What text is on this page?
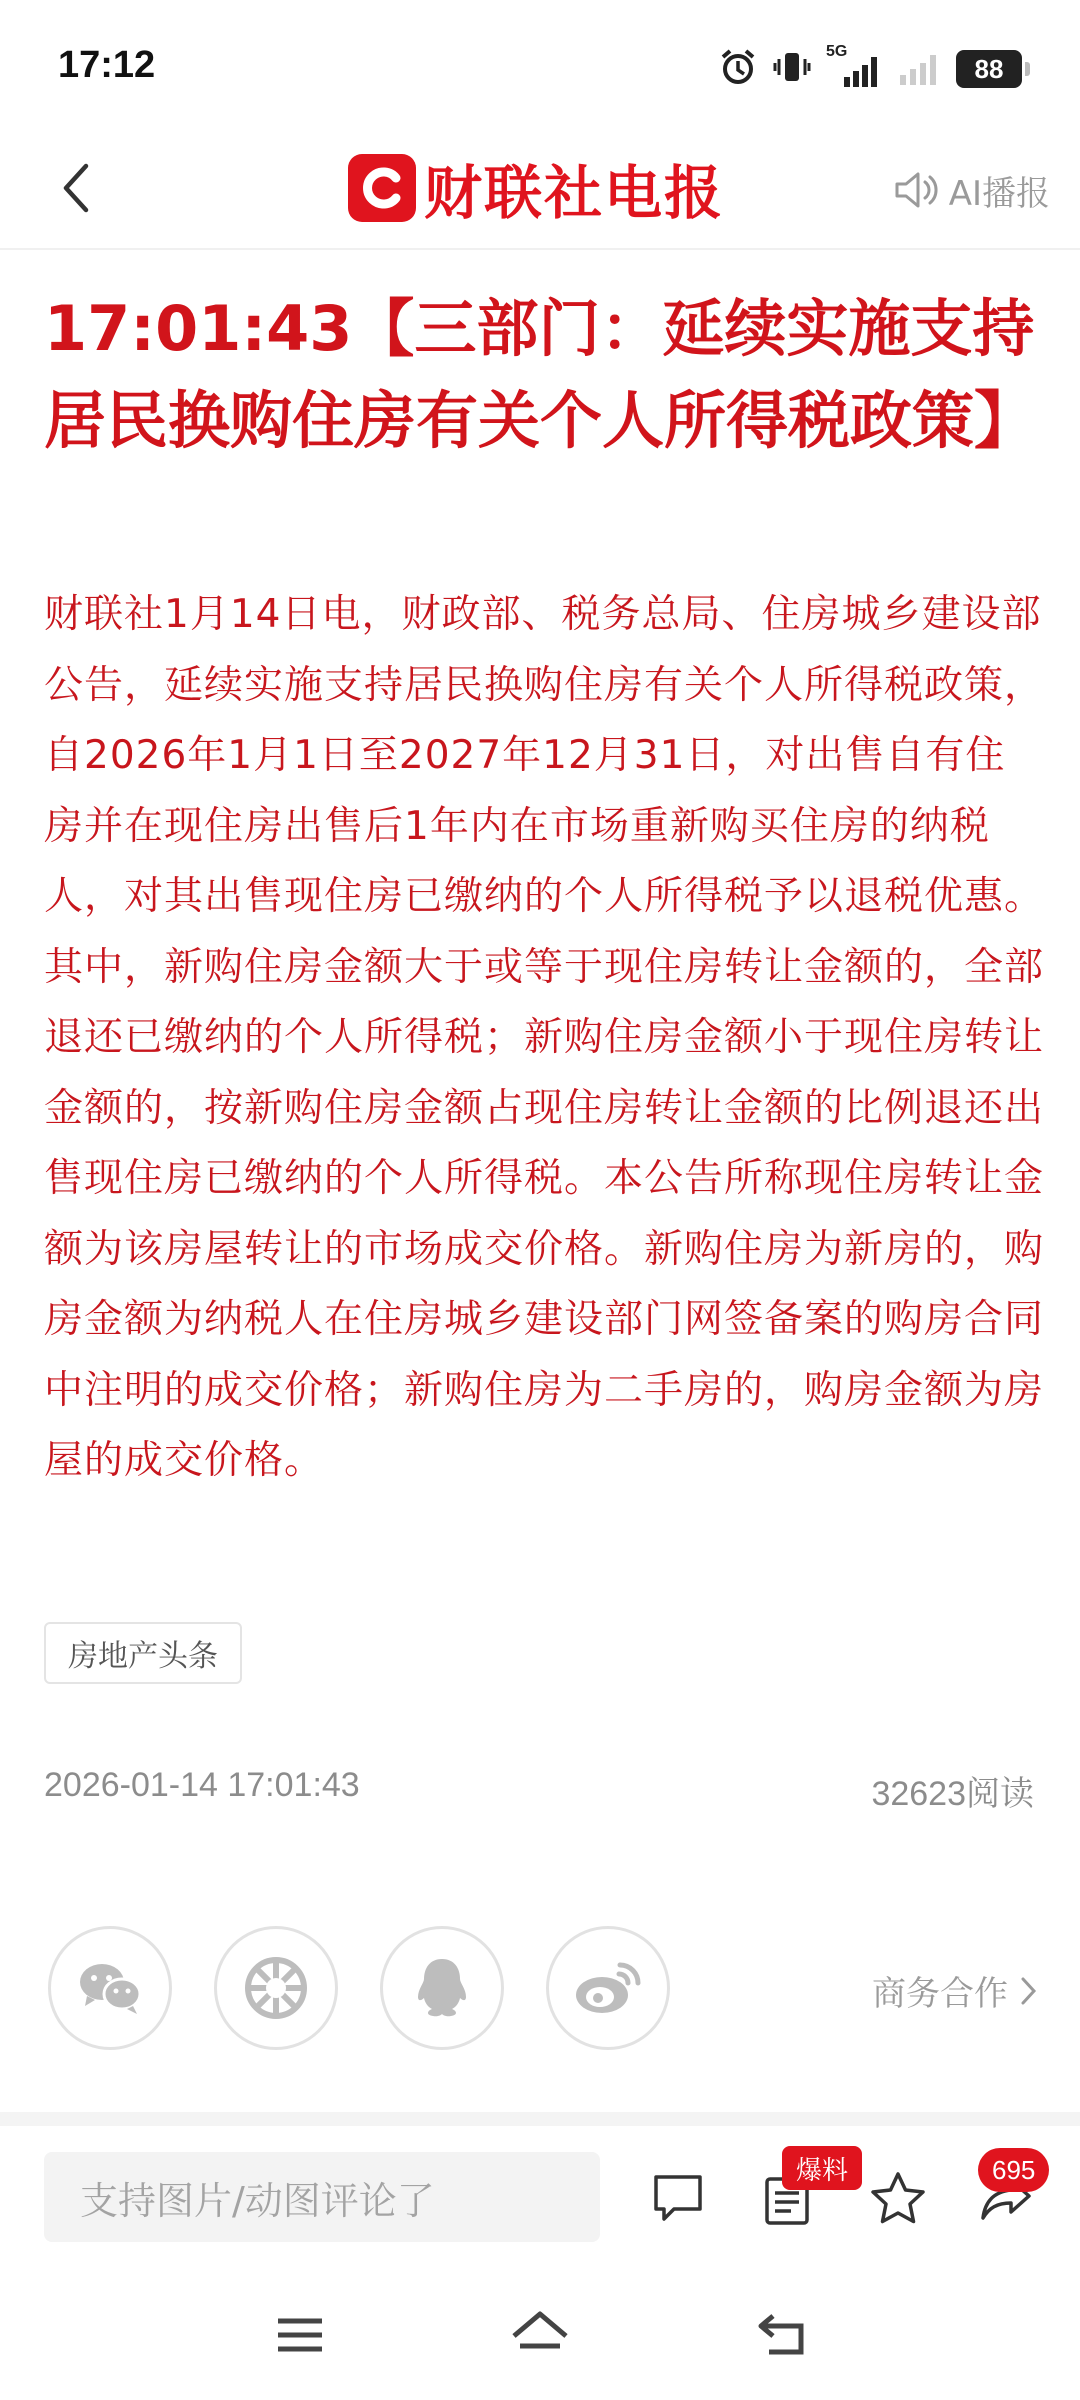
17:12	5G
88
财联社电报	AI播报
17:01:43【三部门：延续实施支持居民换购住房有关个人所得税政策】
财联社1月14日电，财政部、税务总局、住房城乡建设部公告，延续实施支持居民换购住房有关个人所得税政策，自2026年1月1日至2027年12月31日，对出售自有住房并在现住房出售后1年内在市场重新购买住房的纳税人，对其出售现住房已缴纳的个人所得税予以退税优惠。其中，新购住房金额大于或等于现住房转让金额的，全部退还已缴纳的个人所得税；新购住房金额小于现住房转让金额的，按新购住房金额占现住房转让金额的比例退还出售现住房已缴纳的个人所得税。本公告所称现住房转让金额为该房屋转让的市场成交价格。新购住房为新房的，购房金额为纳税人在住房城乡建设部门网签备案的购房合同中注明的成交价格；新购住房为二手房的，购房金额为房屋的成交价格。
房地产头条
2026-01-14 17:01:43	32623阅读
商务合作
支持图片/动图评论了
爆料	695
